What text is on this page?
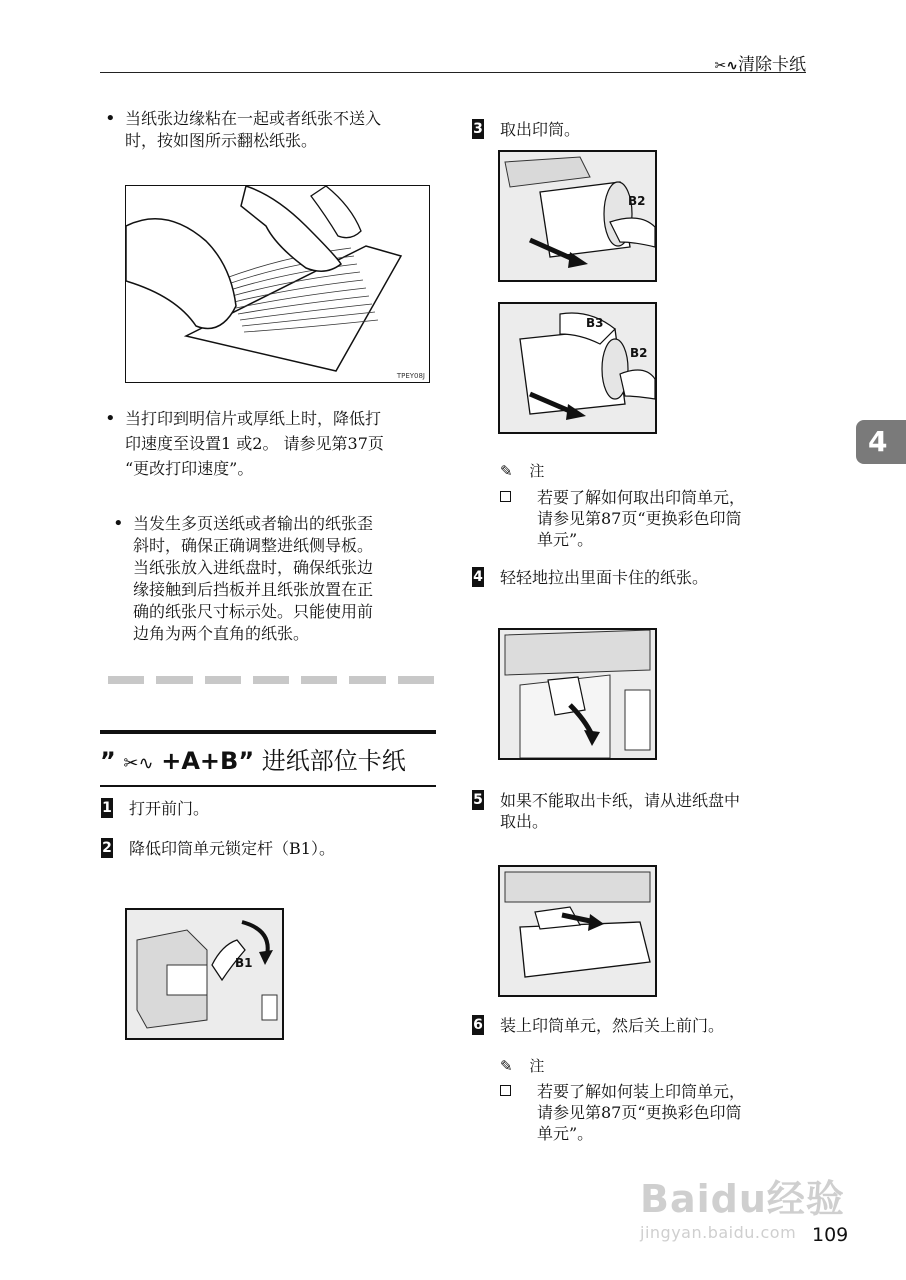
✂∿清除卡纸
4
• 当纸张边缘粘在一起或者纸张不送入
时，按如图所示翻松纸张。
TPEY08J
• 当打印到明信片或厚纸上时，降低打
印速度至设置1 或2。 请参见第37页
“更改打印速度”。
• 当发生多页送纸或者输出的纸张歪
斜时，确保正确调整进纸侧导板。
当纸张放入进纸盘时，确保纸张边
缘接触到后挡板并且纸张放置在正
确的纸张尺寸标示处。只能使用前
边角为两个直角的纸张。
” ✂∿ +A+B” 进纸部位卡纸
1 打开前门。
2 降低印筒单元锁定杆（B1）。
B1
3 取出印筒。
B2
B3
B2
✎ 注
若要了解如何取出印筒单元，
请参见第87页“更换彩色印筒
单元”。
4 轻轻地拉出里面卡住的纸张。
5 如果不能取出卡纸，请从进纸盘中
取出。
6 装上印筒单元，然后关上前门。
✎ 注
若要了解如何装上印筒单元，
请参见第87页“更换彩色印筒
单元”。
Baidu经验
jingyan.baidu.com 109
